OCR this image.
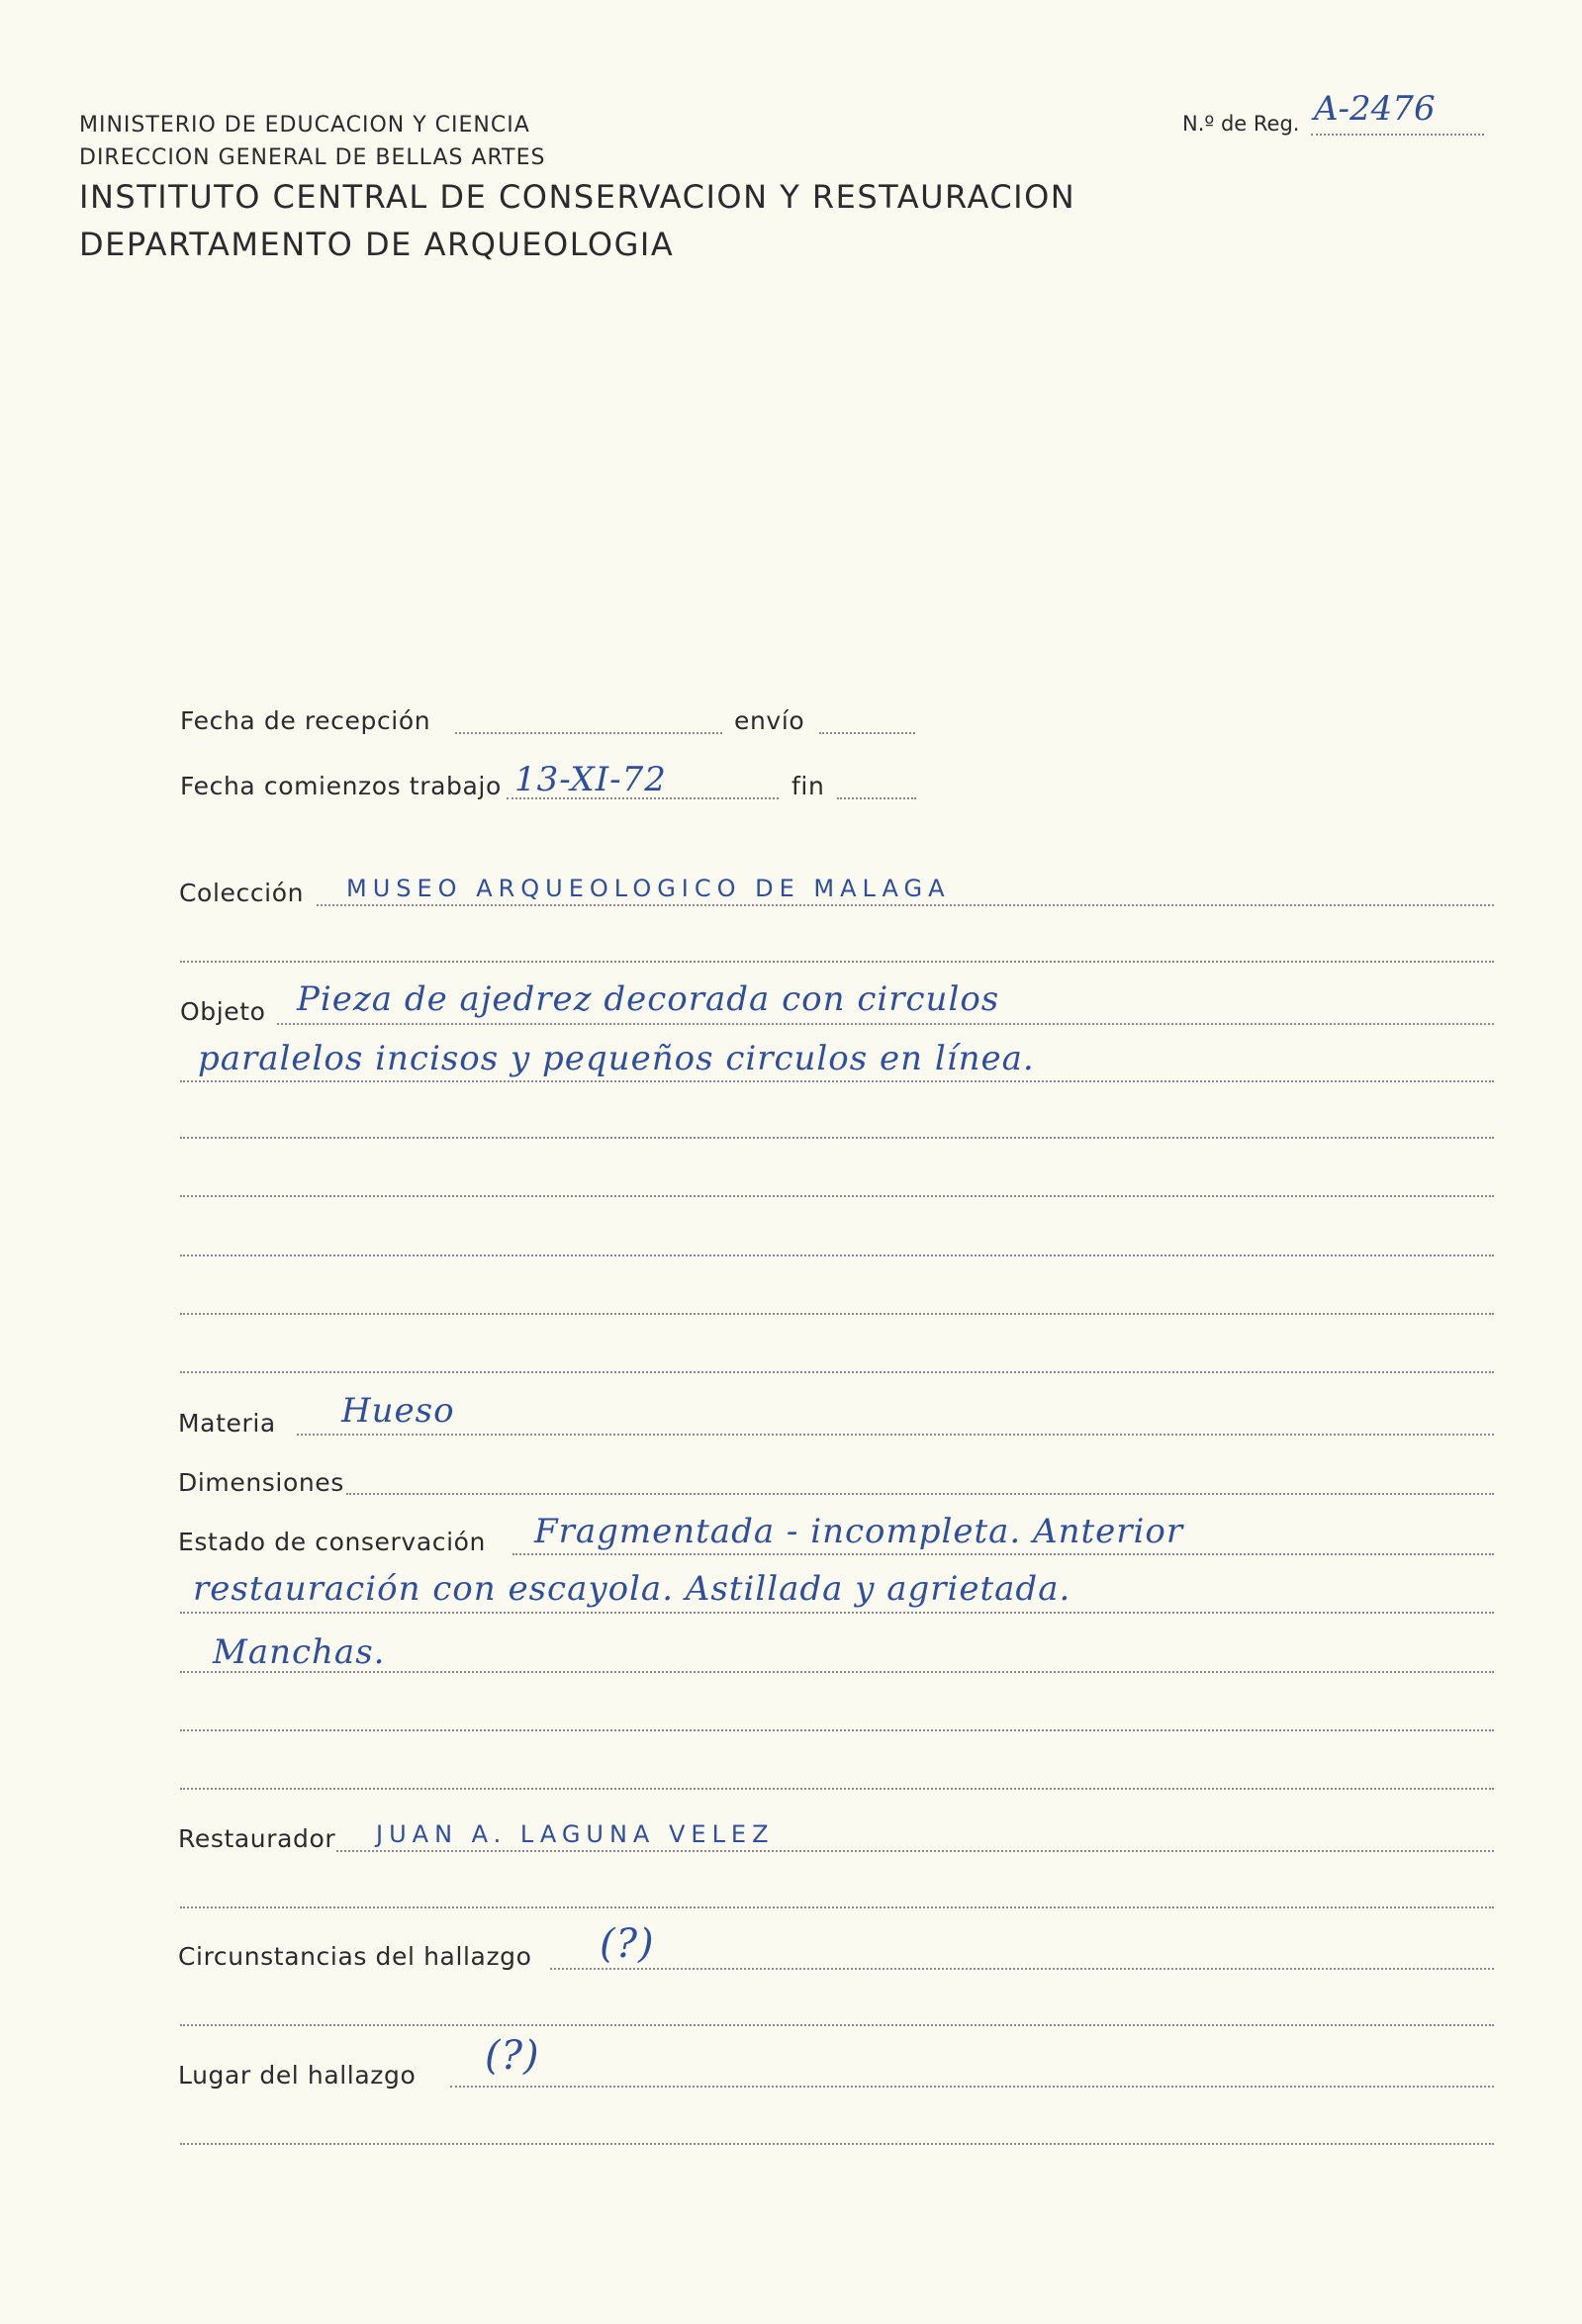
MINISTERIO DE EDUCACION Y CIENCIA
DIRECCION GENERAL DE BELLAS ARTES
INSTITUTO CENTRAL DE CONSERVACION Y RESTAURACION
DEPARTAMENTO DE ARQUEOLOGIA
N.º de Reg. A-2476
Fecha de recepción	envío
Fecha comienzos trabajo 13-XI-72	fin
Colección MUSEO ARQUEOLOGICO DE MALAGA
Objeto Pieza de ajedrez decorada con circulos
paralelos incisos y pequeños circulos en línea.
Materia Hueso
Dimensiones
Estado de conservación Fragmentada - incompleta. Anterior
restauración con escayola. Astillada y agrietada.
Manchas.
Restaurador JUAN A. LAGUNA VELEZ
Circunstancias del hallazgo (?)
Lugar del hallazgo (?)
